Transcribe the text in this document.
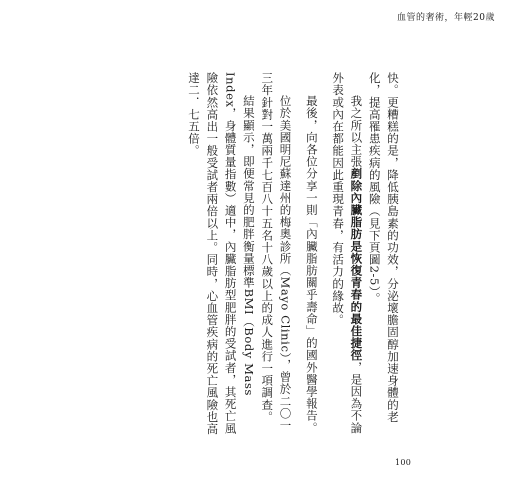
血管的奢術，年輕20歲

快。更糟糕的是，降低胰島素的功效，分泌壞膽固醇加速身體的老化，提高罹患疾病的風險（見下頁圖2-5）。

我之所以主張剷除內臟脂肪是恢復青春的最佳捷徑，是因為不論外表或內在都能因此重現青春，有活力的緣故。

最後，向各位分享一則「內臟脂肪關乎壽命」的國外醫學報告。

位於美國明尼蘇達州的梅奧診所（Mayo Clinic），曾於二〇一三年針對一萬兩千七百八十五名十八歲以上的成人進行一項調查。

結果顯示，即便常見的肥胖衡量標準BMI（Body Mass Index，身體質量指數）適中，內臟脂肪型肥胖的受試者，其死亡風險依然高出一般受試者兩倍以上。同時，心血管疾病的死亡風險也高達二．七五倍。

100
